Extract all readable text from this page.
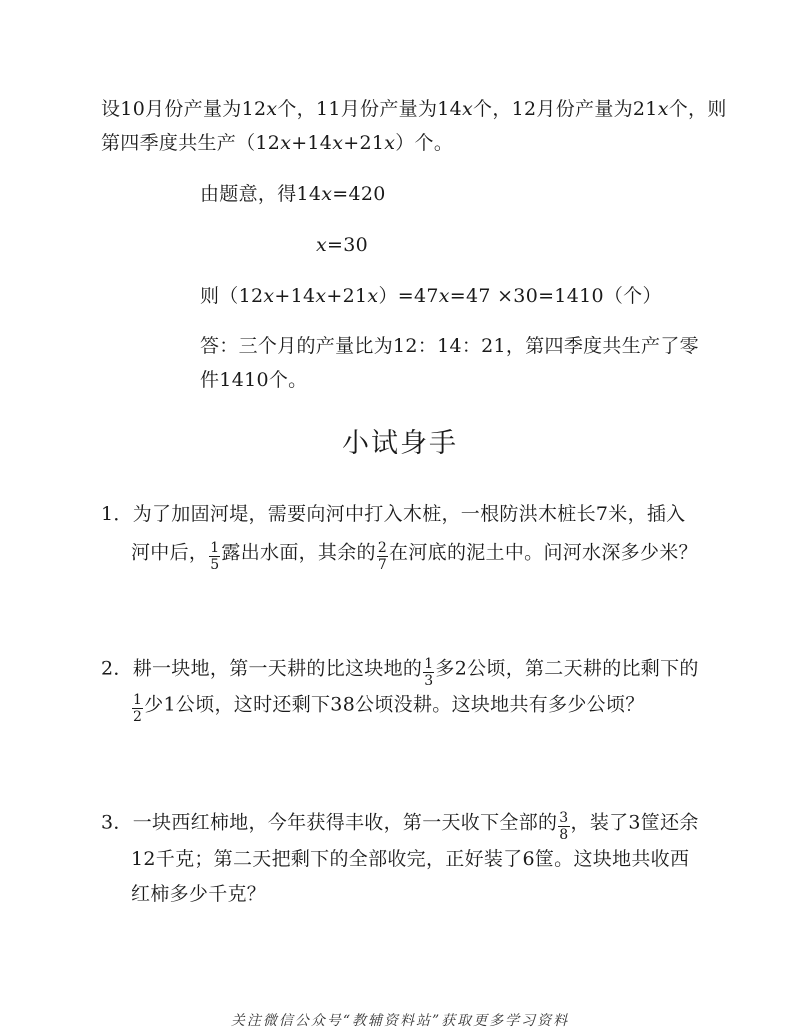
设10月份产量为12x个，11月份产量为14x个，12月份产量为21x个，则
第四季度共生产（12x+14x+21x）个。
由题意，得14x=420
x=30
则（12x+14x+21x）=47x=47 ×30=1410（个）
答：三个月的产量比为12：14：21，第四季度共生产了零
件1410个。
小试身手
1．为了加固河堤，需要向河中打入木桩，一根防洪木桩长7米，插入
河中后， $\frac{1}{5}$ 露出水面，其余的 $\frac{2}{7}$ 在河底的泥土中。问河水深多少米？
2．耕一块地，第一天耕的比这块地的 $\frac{1}{3}$ 多2公顷，第二天耕的比剩下的
$\frac{1}{2}$ 少1公顷，这时还剩下38公顷没耕。这块地共有多少公顷？
3．一块西红柿地，今年获得丰收，第一天收下全部的 $\frac{3}{8}$ ，装了3筐还余
12千克；第二天把剩下的全部收完，正好装了6筐。这块地共收西
红柿多少千克？
关注微信公众号“教辅资料站”获取更多学习资料
